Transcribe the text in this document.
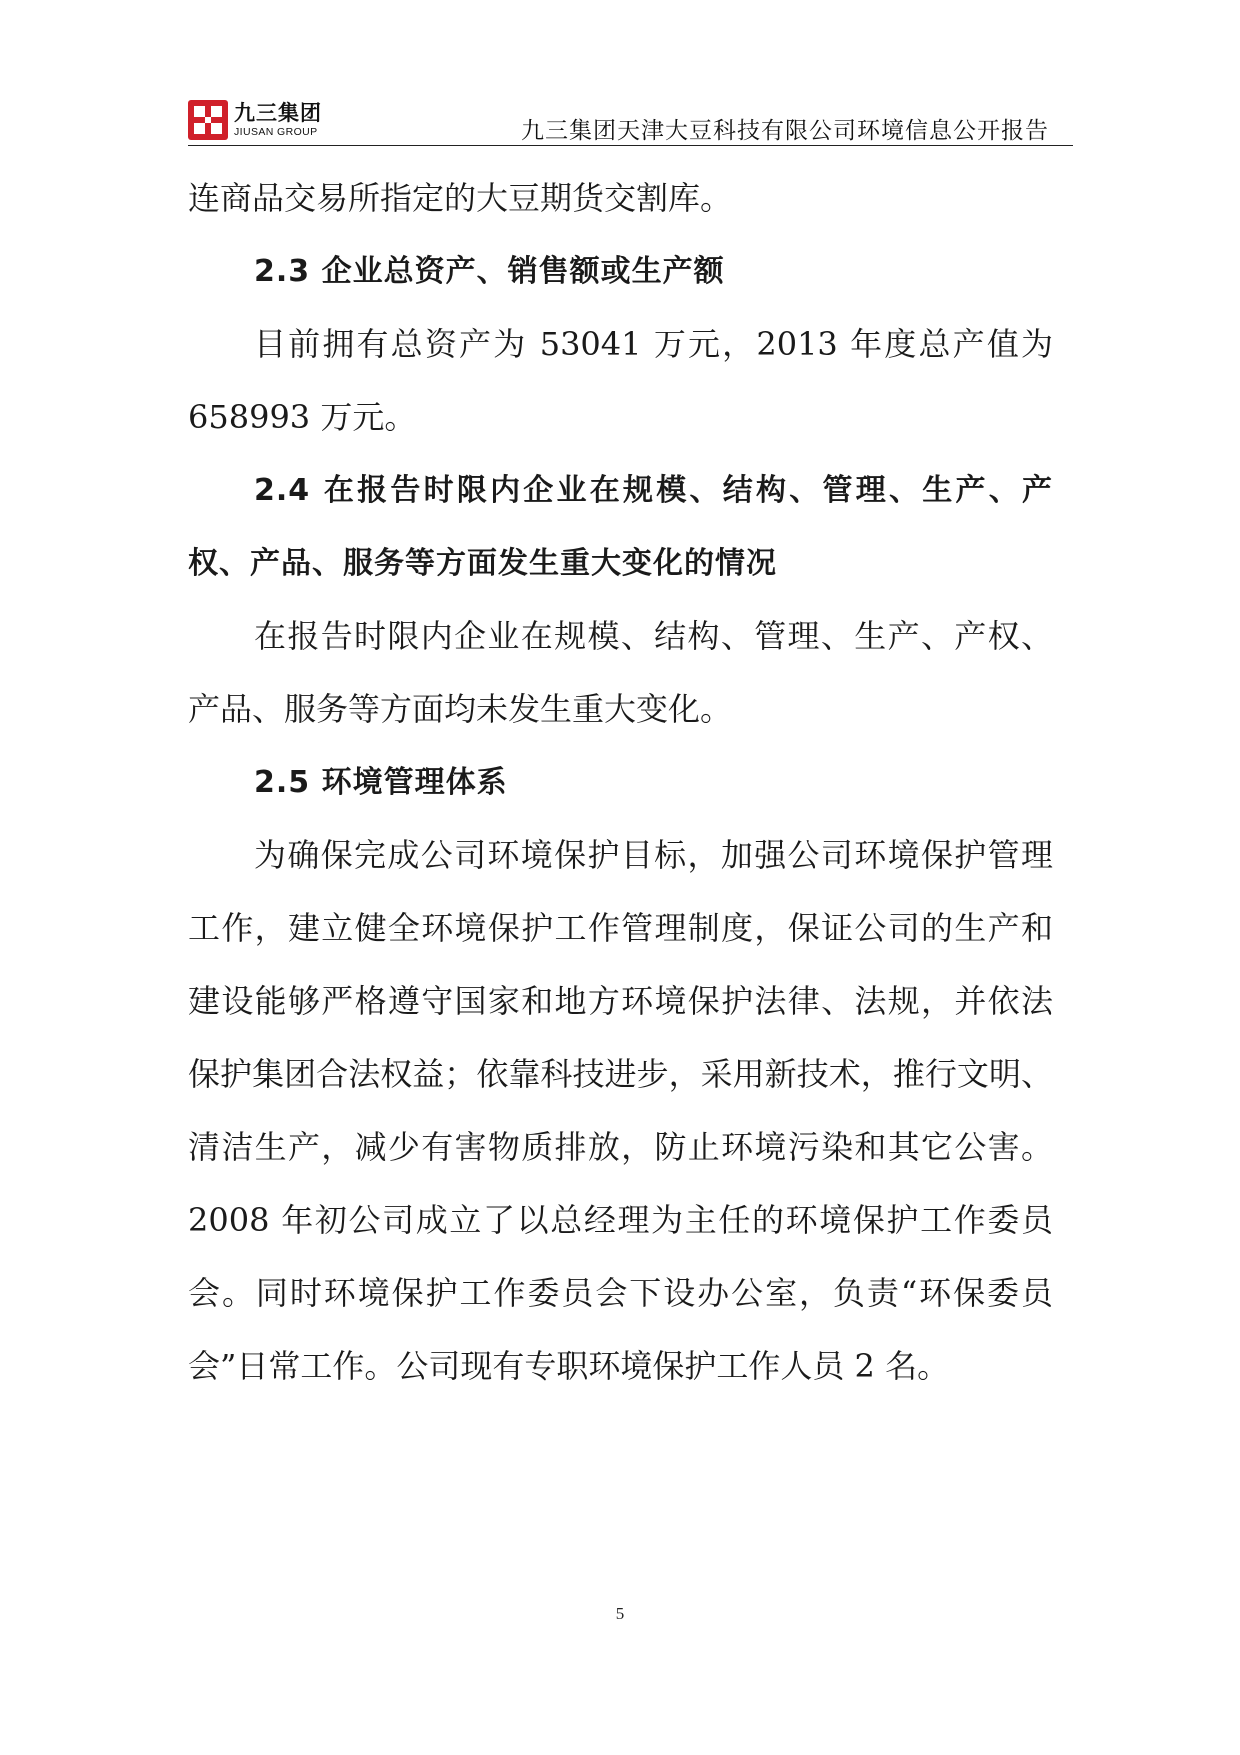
九三集团
JIUSAN GROUP	九三集团天津大豆科技有限公司环境信息公开报告
连商品交易所指定的大豆期货交割库。
2.3 企业总资产、销售额或生产额
目前拥有总资产为 53041 万元，2013 年度总产值为
658993 万元。
2.4 在报告时限内企业在规模、结构、管理、生产、产
权、产品、服务等方面发生重大变化的情况
在报告时限内企业在规模、结构、管理、生产、产权、
产品、服务等方面均未发生重大变化。
2.5 环境管理体系
为确保完成公司环境保护目标，加强公司环境保护管理
工作，建立健全环境保护工作管理制度，保证公司的生产和
建设能够严格遵守国家和地方环境保护法律、法规，并依法
保护集团合法权益；依靠科技进步，采用新技术，推行文明、
清洁生产，减少有害物质排放，防止环境污染和其它公害。
2008 年初公司成立了以总经理为主任的环境保护工作委员
会。同时环境保护工作委员会下设办公室，负责“环保委员
会”日常工作。公司现有专职环境保护工作人员 2 名。
5
